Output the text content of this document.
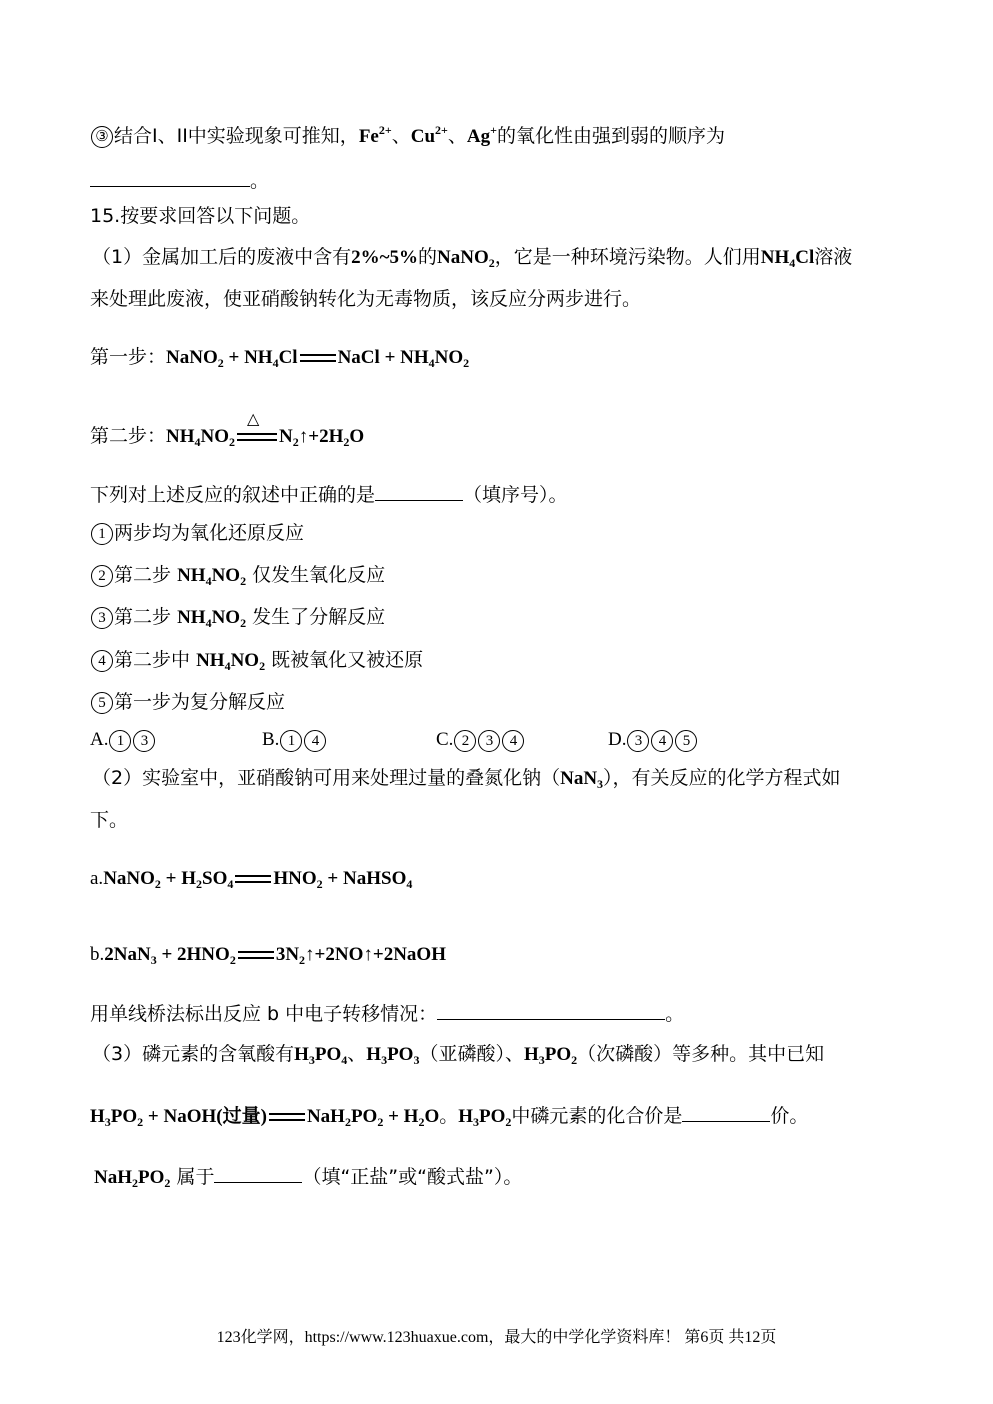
③ 结合I、II中实验现象可推知，$Fe^{2+}$、$Cu^{2+}$、Ag+的氧化性由强到弱的顺序为
。
15.按要求回答以下问题。
（1）金属加工后的废液中含有2%~5%的NaNO$_2$，它是一种环境污染物。人们用$NH_4Cl$溶液
来处理此废液，使亚硝酸钠转化为无毒物质，该反应分两步进行。
第一步：NaNO$_2$ + $NH_4Cl$ NaCl + $NH_4NO_2$
第二步：$NH_4NO_2$
△
$N_2↑+2H_2O$
下列对上述反应的叙述中正确的是	（填序号）。
1 两步均为氧化还原反应
2 第二步 $NH_4NO_2$ 仅发生氧化反应
3 第二步 $NH_4NO_2$ 发生了分解反应
4 第二步中 $NH_4NO_2$ 既被氧化又被还原
5 第一步为复分解反应
A. 1 3	B. 1 4	C. 2 3 4	D. 3 4 5
（2）实验室中，亚硝酸钠可用来处理过量的叠氮化钠（NaN$_3$），有关反应的化学方程式如
下。
a.NaNO$_2$ + $H_2SO_4$ $HNO_2$ + NaHSO$_4$
$b.2NaN_3 + 2HNO_2$ $3N_2↑+2NO↑+2NaOH$
用单线桥法标出反应 b 中电子转移情况：	。
（3）磷元素的含氧酸有$H_3PO_4$、$H_3PO_3$（亚磷酸）、$H_3PO_2$（次磷酸）等多种。其中已知
$H_3PO_2$ + NaOH(过量) $NaH_2PO_2 + H_2O$。$H_3PO_2$中磷元素的化合价是	价。
$NaH_2PO_2$ 属于	（填“正盐”或“酸式盐”）。
123化学网，https://www.123huaxue.com，最大的中学化学资料库！ 第6页 共12页
